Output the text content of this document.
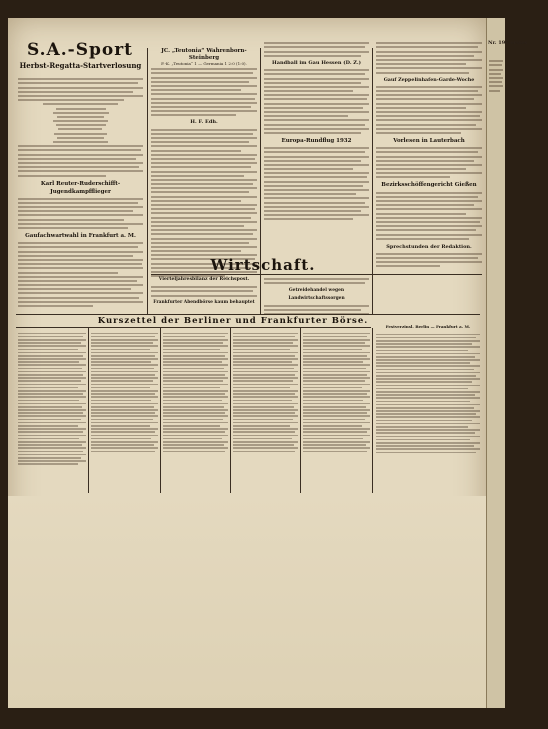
S.A.-Sport
Herbst-Regatta-Startverlosung

Karl Reuter-Ruderschifft-Jugendkampfflieger
Gaufachwartwahl in Frankfurt a. M.
JC. „Teutonia“ Wahrenborn-Steinberg
F.-K. „Teutonia“ 1 — Germania 1 2:0 (1:0).
H. F. Edh.
Handball im Gau Hessen (D. Z.)
Europa-Rundflug 1932
Gauf Zeppelinhafen-Garde-Woche
Vorlesen in Lauterbach
Bezirksschöffengericht Gießen
Sprechstunden der Redaktion.
Wirtschaft.
Vierteljahresbilanz der Reichspost.
Frankfurter Abendbörse kaum behauptet
Getreidehandel wegen Landwirtschaftssorgen
Kurszettel der Berliner und Frankfurter Börse.
Festverzinsl. Berlin — Frankfurt a. M.
Nr. 195 erstes
